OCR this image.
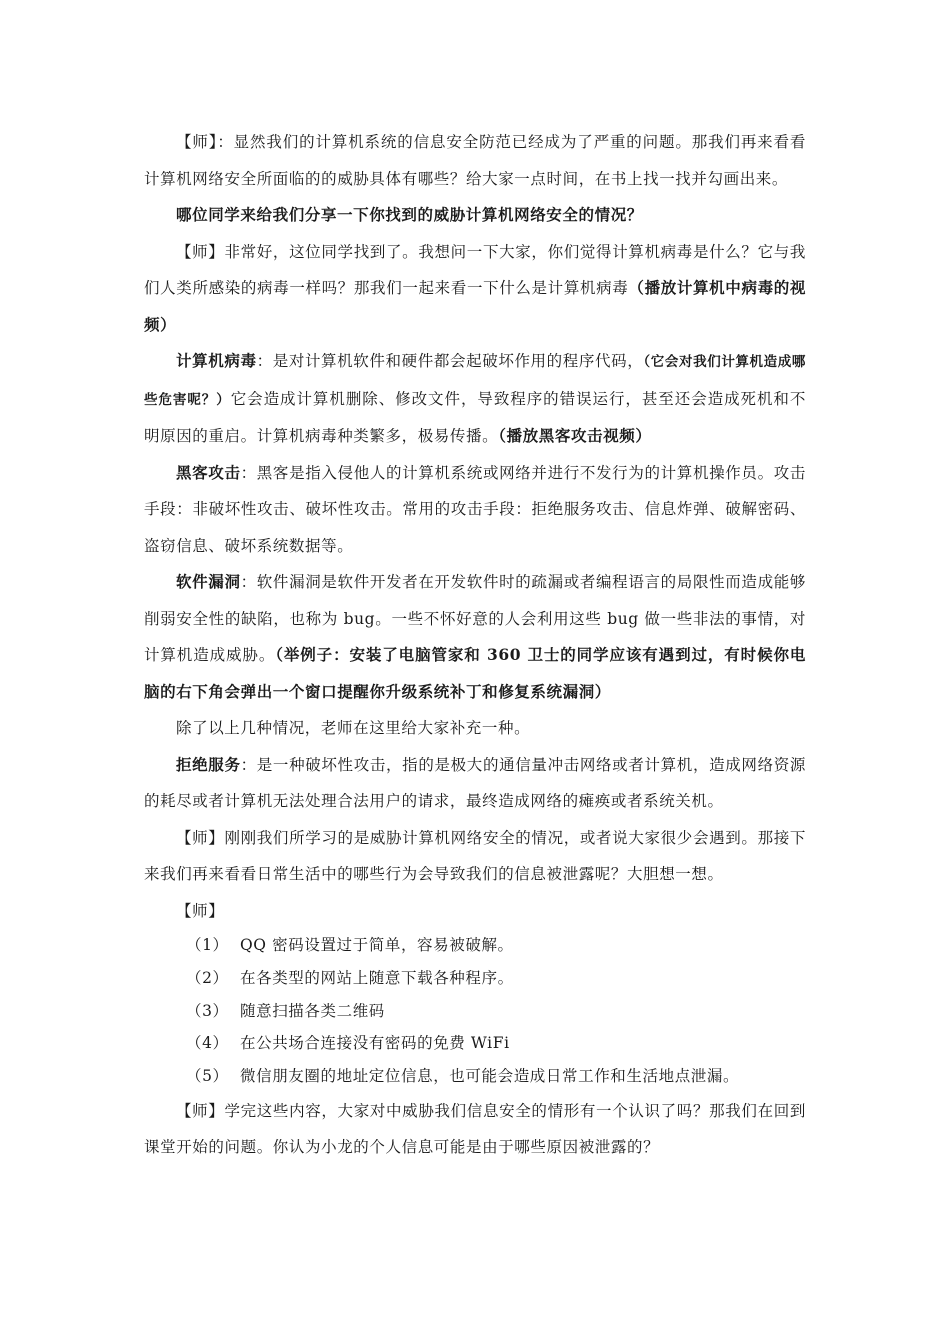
【师】：显然我们的计算机系统的信息安全防范已经成为了严重的问题。那我们再来看看计算机网络安全所面临的的威胁具体有哪些？给大家一点时间，在书上找一找并勾画出来。

哪位同学来给我们分享一下你找到的威胁计算机网络安全的情况？

【师】非常好，这位同学找到了。我想问一下大家，你们觉得计算机病毒是什么？它与我们人类所感染的病毒一样吗？那我们一起来看一下什么是计算机病毒（播放计算机中病毒的视频）

计算机病毒：是对计算机软件和硬件都会起破坏作用的程序代码，（它会对我们计算机造成哪些危害呢？）它会造成计算机删除、修改文件，导致程序的错误运行，甚至还会造成死机和不明原因的重启。计算机病毒种类繁多，极易传播。（播放黑客攻击视频）

黑客攻击：黑客是指入侵他人的计算机系统或网络并进行不发行为的计算机操作员。攻击手段：非破坏性攻击、破坏性攻击。常用的攻击手段：拒绝服务攻击、信息炸弹、破解密码、盗窃信息、破坏系统数据等。

软件漏洞：软件漏洞是软件开发者在开发软件时的疏漏或者编程语言的局限性而造成能够削弱安全性的缺陷，也称为 bug。一些不怀好意的人会利用这些 bug 做一些非法的事情，对计算机造成威胁。（举例子：安装了电脑管家和 360 卫士的同学应该有遇到过，有时候你电脑的右下角会弹出一个窗口提醒你升级系统补丁和修复系统漏洞）

除了以上几种情况，老师在这里给大家补充一种。

拒绝服务：是一种破坏性攻击，指的是极大的通信量冲击网络或者计算机，造成网络资源的耗尽或者计算机无法处理合法用户的请求，最终造成网络的瘫痪或者系统关机。

【师】刚刚我们所学习的是威胁计算机网络安全的情况，或者说大家很少会遇到。那接下来我们再来看看日常生活中的哪些行为会导致我们的信息被泄露呢？大胆想一想。

【师】

（1） QQ 密码设置过于简单，容易被破解。

（2） 在各类型的网站上随意下载各种程序。

（3） 随意扫描各类二维码

（4） 在公共场合连接没有密码的免费 WiFi

（5） 微信朋友圈的地址定位信息，也可能会造成日常工作和生活地点泄漏。

【师】学完这些内容，大家对中威胁我们信息安全的情形有一个认识了吗？那我们在回到课堂开始的问题。你认为小龙的个人信息可能是由于哪些原因被泄露的？
